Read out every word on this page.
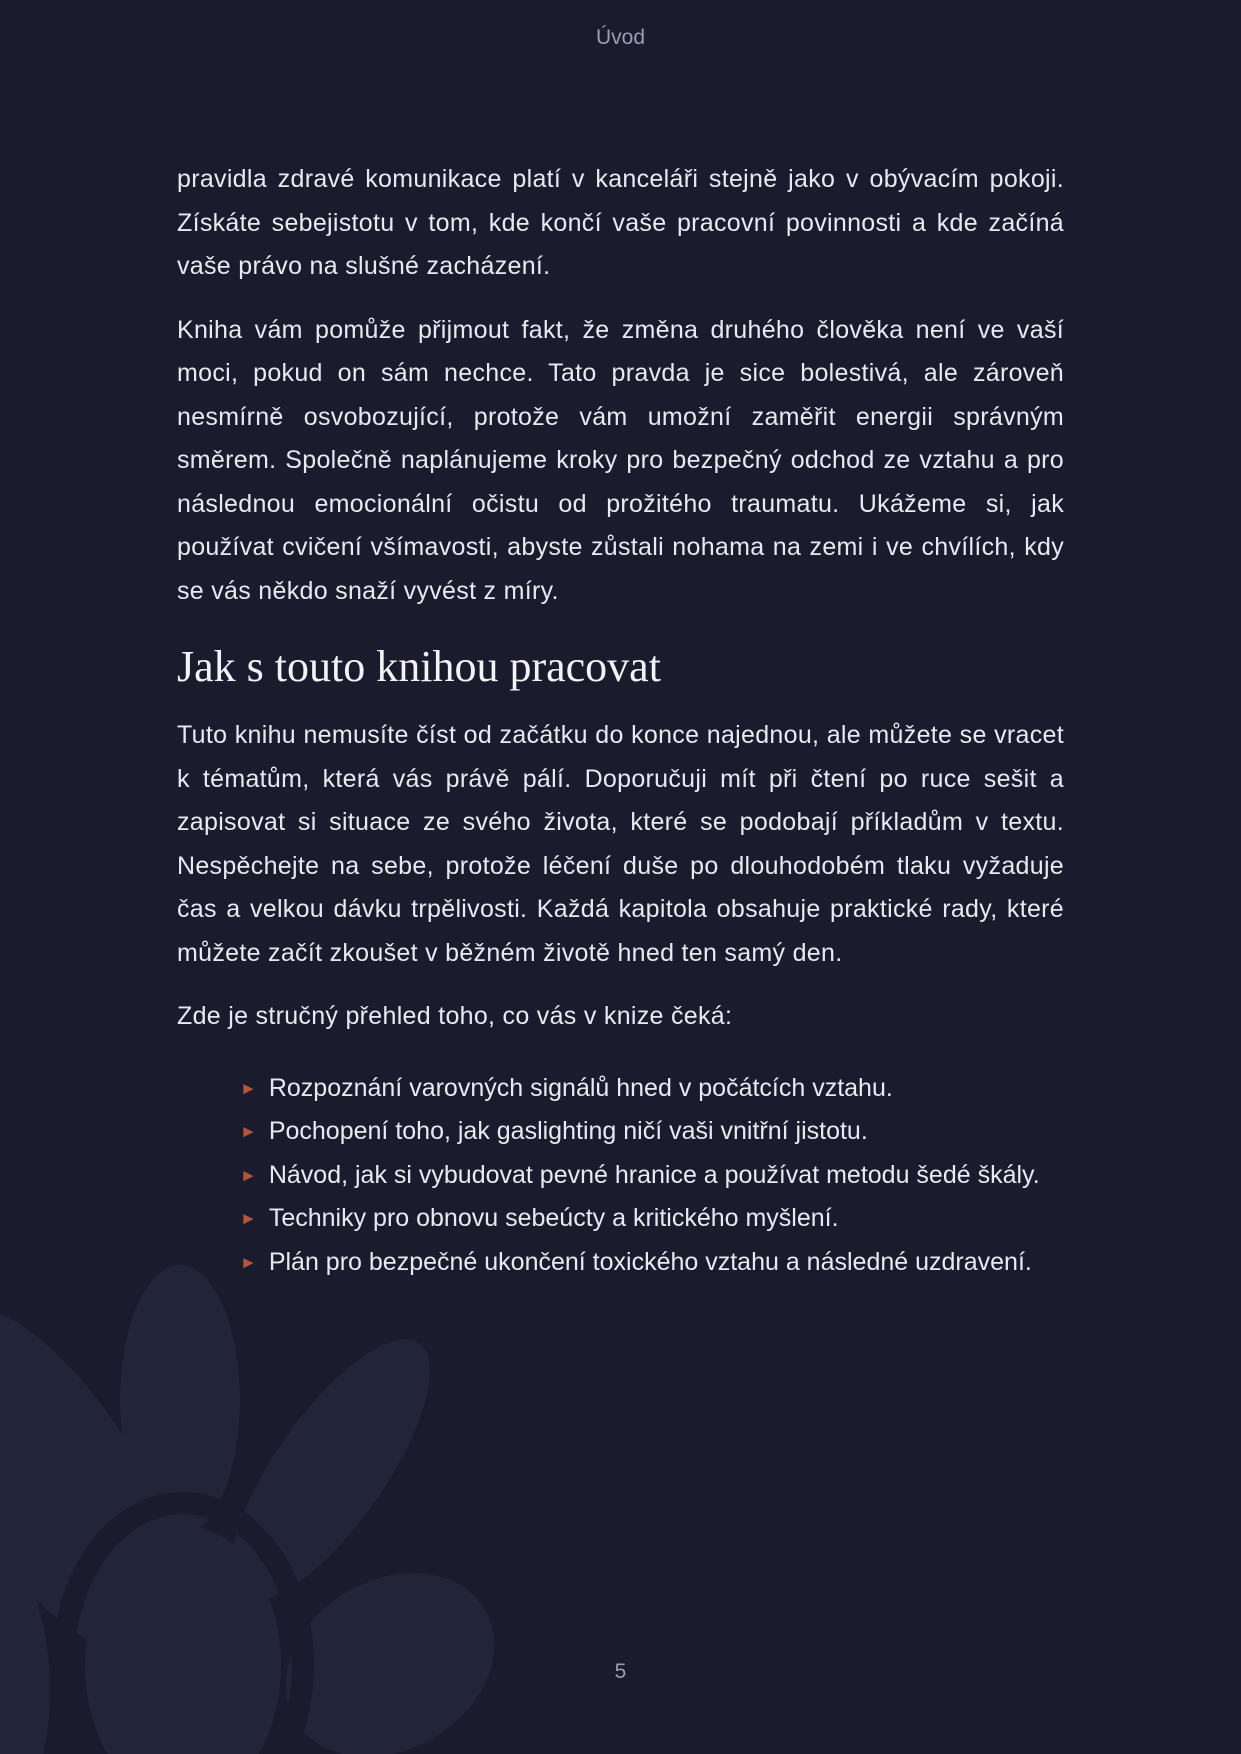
Úvod

pravidla zdravé komunikace platí v kanceláři stejně jako v obývacím pokoji. Získáte sebejistotu v tom, kde končí vaše pracovní povinnosti a kde začíná vaše právo na slušné zacházení.

Kniha vám pomůže přijmout fakt, že změna druhého člověka není ve vaší moci, pokud on sám nechce. Tato pravda je sice bolestivá, ale zároveň nesmírně osvobozující, protože vám umožní zaměřit energii správným směrem. Společně naplánujeme kroky pro bezpečný odchod ze vztahu a pro následnou emocionální očistu od prožitého traumatu. Ukážeme si, jak používat cvičení všímavosti, abyste zůstali nohama na zemi i ve chvílích, kdy se vás někdo snaží vyvést z míry.

Jak s touto knihou pracovat

Tuto knihu nemusíte číst od začátku do konce najednou, ale můžete se vracet k tématům, která vás právě pálí. Doporučuji mít při čtení po ruce sešit a zapisovat si situace ze svého života, které se podobají příkladům v textu. Nespěchejte na sebe, protože léčení duše po dlouhodobém tlaku vyžaduje čas a velkou dávku trpělivosti. Každá kapitola obsahuje praktické rady, které můžete začít zkoušet v běžném životě hned ten samý den.

Zde je stručný přehled toho, co vás v knize čeká:

► Rozpoznání varovných signálů hned v počátcích vztahu.
► Pochopení toho, jak gaslighting ničí vaši vnitřní jistotu.
► Návod, jak si vybudovat pevné hranice a používat metodu šedé škály.
► Techniky pro obnovu sebeúcty a kritického myšlení.
► Plán pro bezpečné ukončení toxického vztahu a následné uzdravení.
5
